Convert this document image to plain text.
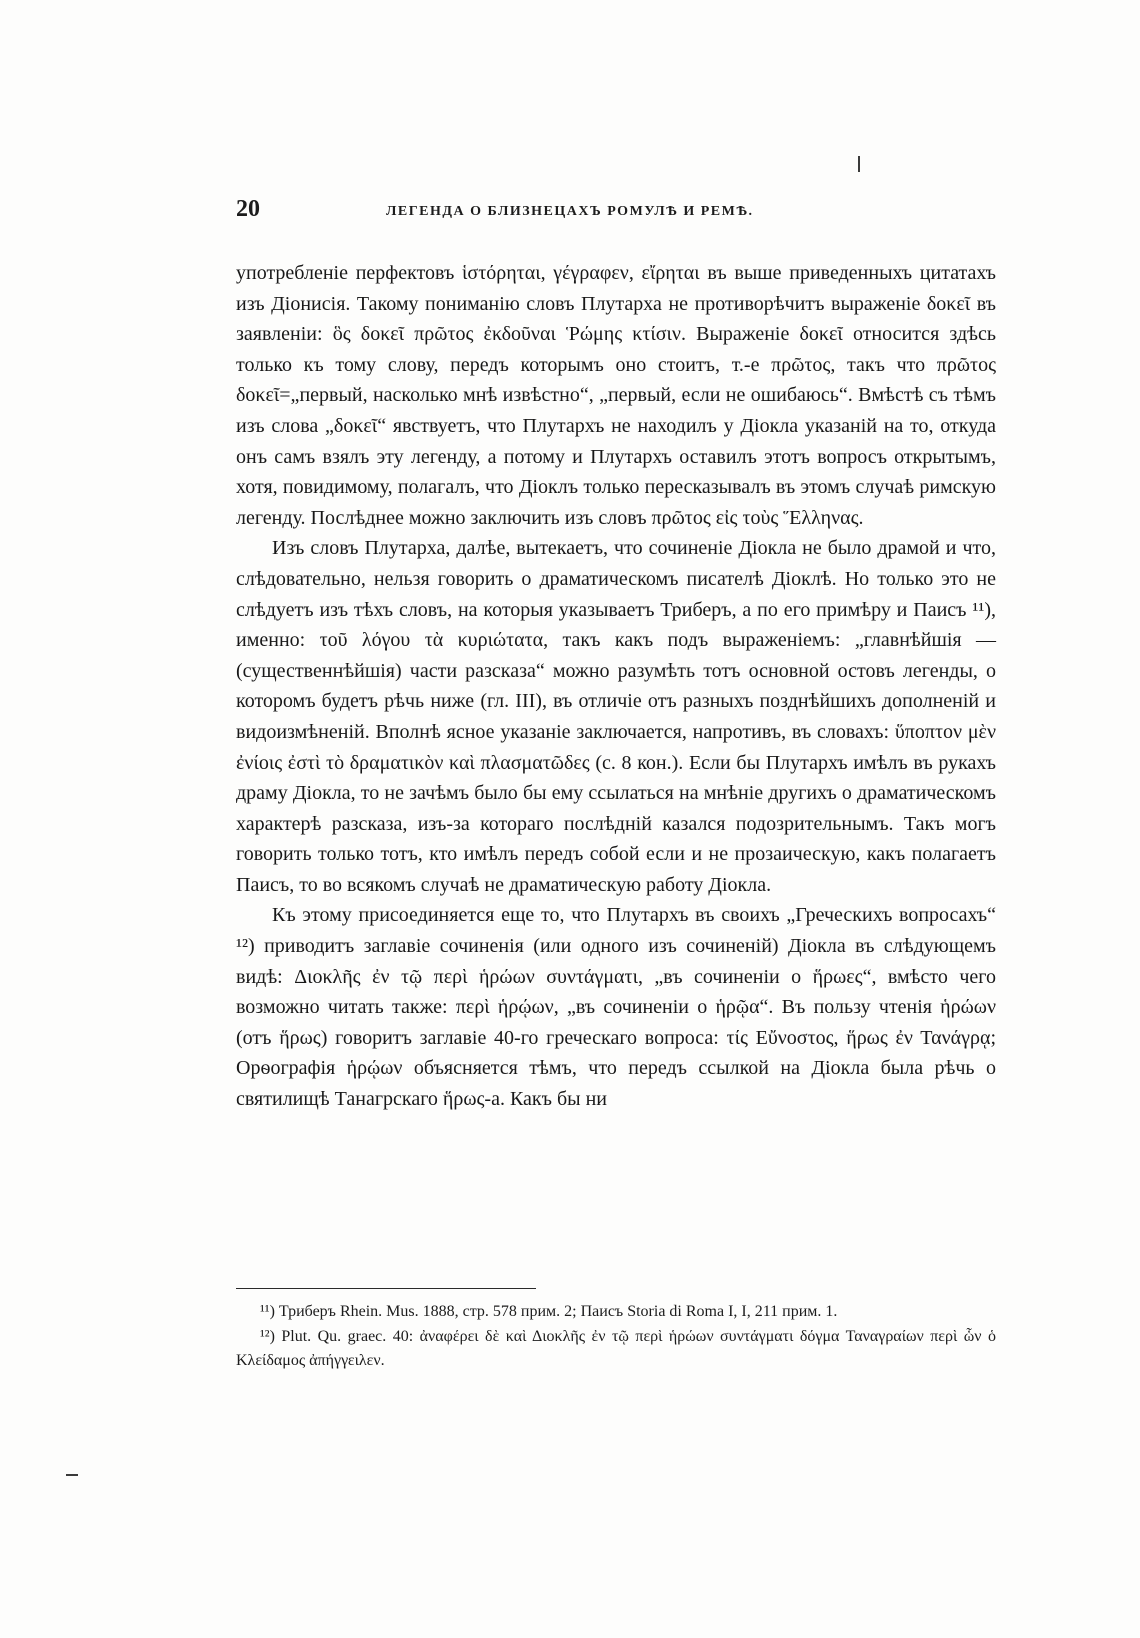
20	ЛЕГЕНДА О БЛИЗНЕЦАХЪ РОМУЛѢ И РЕМѢ.

употребленіе перфектовъ ἱστόρηται, γέγραφεν, εἴρηται въ выше приведенныхъ цитатахъ изъ Діонисія. Такому пониманію словъ Плутарха не противорѣчитъ выраженіе δοκεῖ въ заявленіи: ὃς δοκεῖ πρῶτος ἐκδοῦναι Ῥώμης κτίσιν. Выраженіе δοκεῖ относится здѣсь только къ тому слову, передъ которымъ оно стоитъ, т.-е πρῶτος, такъ что πρῶτος δοκεῖ=„первый, насколько мнѣ извѣстно“, „первый, если не ошибаюсь“. Вмѣстѣ съ тѣмъ изъ слова „δοκεῖ“ явствуетъ, что Плутархъ не находилъ у Діокла указаній на то, откуда онъ самъ взялъ эту легенду, а потому и Плутархъ оставилъ этотъ вопросъ открытымъ, хотя, повидимому, полагалъ, что Діоклъ только пересказывалъ въ этомъ случаѣ римскую легенду. Послѣднее можно заключить изъ словъ πρῶτος εἰς τοὺς Ἕλληνας.

Изъ словъ Плутарха, далѣе, вытекаетъ, что сочиненіе Діокла не было драмой и что, слѣдовательно, нельзя говорить о драматическомъ писателѣ Діоклѣ. Но только это не слѣдуетъ изъ тѣхъ словъ, на которыя указываетъ Триберъ, а по его примѣру и Паисъ ¹¹), именно: τοῦ λόγου τὰ κυριώτατα, такъ какъ подъ выраженіемъ: „главнѣйшія — (существеннѣйшія) части разсказа“ можно разумѣть тотъ основной остовъ легенды, о которомъ будетъ рѣчь ниже (гл. III), въ отличіе отъ разныхъ позднѣйшихъ дополненій и видоизмѣненій. Вполнѣ ясное указаніе заключается, напротивъ, въ словахъ: ὕποπτον μὲν ἐνίοις ἐστὶ τὸ δραματικὸν καὶ πλασματῶδες (с. 8 кон.). Если бы Плутархъ имѣлъ въ рукахъ драму Діокла, то не зачѣмъ было бы ему ссылаться на мнѣніе другихъ о драматическомъ характерѣ разсказа, изъ-за котораго послѣдній казался подозрительнымъ. Такъ могъ говорить только тотъ, кто имѣлъ передъ собой если и не прозаическую, какъ полагаетъ Паисъ, то во всякомъ случаѣ не драматическую работу Діокла.

Къ этому присоединяется еще то, что Плутархъ въ своихъ „Греческихъ вопросахъ“ ¹²) приводитъ заглавіе сочиненія (или одного изъ сочиненій) Діокла въ слѣдующемъ видѣ: Διοκλῆς ἐν τῷ περὶ ἡρώων συντάγματι, „въ сочиненіи о ἥρωες“, вмѣсто чего возможно читать также: περὶ ἡρῴων, „въ сочиненіи о ἡρῷα“. Въ пользу чтенія ἡρώων (отъ ἥρως) говоритъ заглавіе 40-го греческаго вопроса: τίς Εὔνοστος, ἥρως ἐν Τανάγρᾳ; Орѳографія ἡρῴων объясняется тѣмъ, что передъ ссылкой на Діокла была рѣчь о святилищѣ Танагрскаго ἥρως-а. Какъ бы ни

¹¹) Триберъ Rhein. Mus. 1888, стр. 578 прим. 2; Паисъ Storia di Roma I, I, 211 прим. 1.

¹²) Plut. Qu. graec. 40: ἀναφέρει δὲ καὶ Διοκλῆς ἐν τῷ περὶ ἡρώων συντάγματι δόγμα Ταναγραίων περὶ ὧν ὁ Κλείδαμος ἀπήγγειλεν.
